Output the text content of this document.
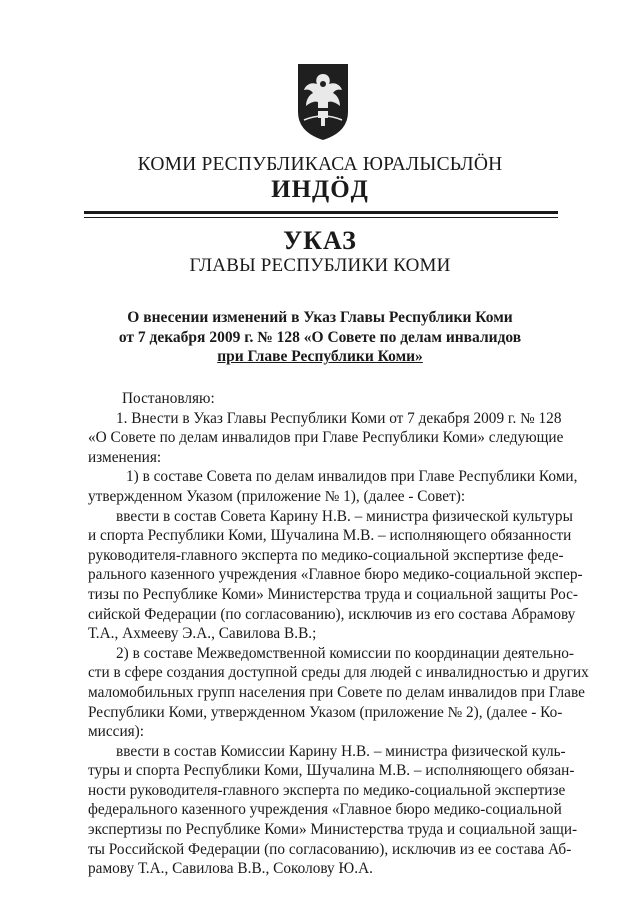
КОМИ РЕСПУБЛИКАСА ЮРАЛЫСЬЛӦН
ИНДӦД
УКАЗ
ГЛАВЫ РЕСПУБЛИКИ КОМИ
О внесении изменений в Указ Главы Республики Коми
от 7 декабря 2009 г. № 128 «О Совете по делам инвалидов
при Главе Республики Коми»
Постановляю:
1. Внести в Указ Главы Республики Коми от 7 декабря 2009 г. № 128
«О Совете по делам инвалидов при Главе Республики Коми» следующие
изменения:
1) в составе Совета по делам инвалидов при Главе Республики Коми,
утвержденном Указом (приложение № 1), (далее - Совет):
ввести в состав Совета Карину Н.В. – министра физической культуры
и спорта Республики Коми, Шучалина М.В. – исполняющего обязанности
руководителя-главного эксперта по медико-социальной экспертизе феде-
рального казенного учреждения «Главное бюро медико-социальной экспер-
тизы по Республике Коми» Министерства труда и социальной защиты Рос-
сийской Федерации (по согласованию), исключив из его состава Абрамову
Т.А., Ахмееву Э.А., Савилова В.В.;
2) в составе Межведомственной комиссии по координации деятельно-
сти в сфере создания доступной среды для людей с инвалидностью и других
маломобильных групп населения при Совете по делам инвалидов при Главе
Республики Коми, утвержденном Указом (приложение № 2), (далее - Ко-
миссия):
ввести в состав Комиссии Карину Н.В. – министра физической куль-
туры и спорта Республики Коми, Шучалина М.В. – исполняющего обязан-
ности руководителя-главного эксперта по медико-социальной экспертизе
федерального казенного учреждения «Главное бюро медико-социальной
экспертизы по Республике Коми» Министерства труда и социальной защи-
ты Российской Федерации (по согласованию), исключив из ее состава Аб-
рамову Т.А., Савилова В.В., Соколову Ю.А.
